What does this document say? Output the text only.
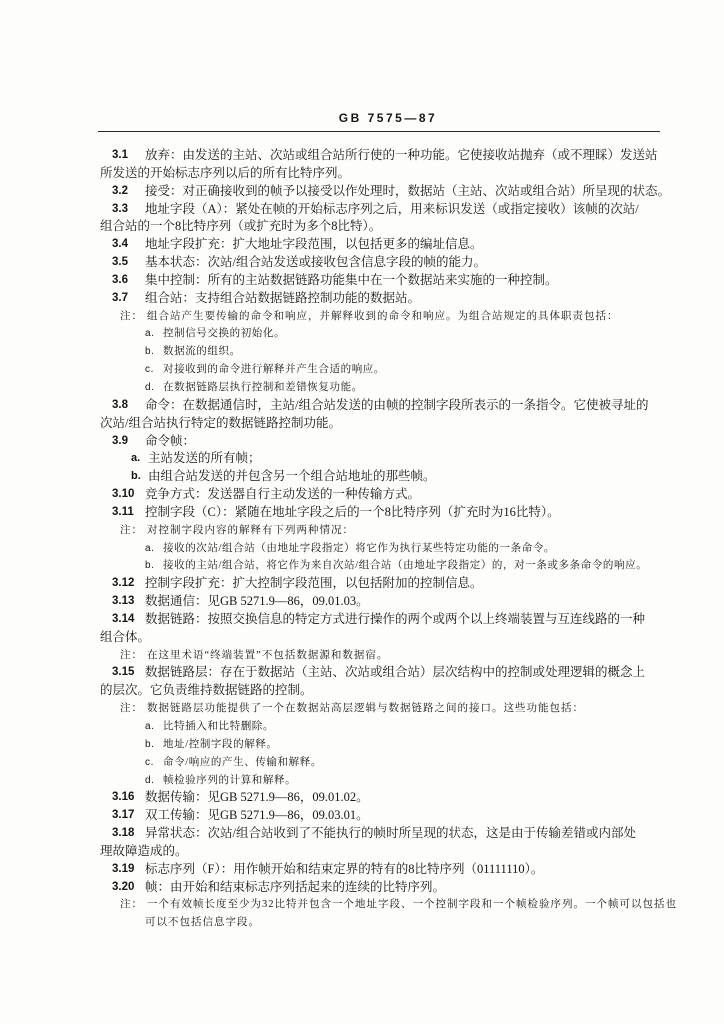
GB 7575—87
3.1 放弃：由发送的主站、次站或组合站所行使的一种功能。它使接收站抛弃（或不理睬）发送站
所发送的开始标志序列以后的所有比特序列。
3.2 接受：对正确接收到的帧予以接受以作处理时，数据站（主站、次站或组合站）所呈现的状态。
3.3 地址字段（A）：紧处在帧的开始标志序列之后，用来标识发送（或指定接收）该帧的次站/
组合站的一个8比特序列（或扩充时为多个8比特）。
3.4 地址字段扩充：扩大地址字段范围，以包括更多的编址信息。
3.5 基本状态：次站/组合站发送或接收包含信息字段的帧的能力。
3.6 集中控制：所有的主站数据链路功能集中在一个数据站来实施的一种控制。
3.7 组合站：支持组合站数据链路控制功能的数据站。
注： 组合站产生要传输的命令和响应，并解释收到的命令和响应。为组合站规定的具体职责包括：
a. 控制信号交换的初始化。
b. 数据流的组织。
c. 对接收到的命令进行解释并产生合适的响应。
d. 在数据链路层执行控制和差错恢复功能。
3.8 命令：在数据通信时，主站/组合站发送的由帧的控制字段所表示的一条指令。它使被寻址的
次站/组合站执行特定的数据链路控制功能。
3.9 命令帧：
a. 主站发送的所有帧；
b. 由组合站发送的并包含另一个组合站地址的那些帧。
3.10 竞争方式：发送器自行主动发送的一种传输方式。
3.11 控制字段（C）：紧随在地址字段之后的一个8比特序列（扩充时为16比特）。
注： 对控制字段内容的解释有下列两种情况：
a. 接收的次站/组合站（由地址字段指定）将它作为执行某些特定功能的一条命令。
b. 接收的主站/组合站，将它作为来自次站/组合站（由地址字段指定）的，对一条或多条命令的响应。
3.12 控制字段扩充：扩大控制字段范围，以包括附加的控制信息。
3.13 数据通信：见GB 5271.9—86，09.01.03。
3.14 数据链路：按照交换信息的特定方式进行操作的两个或两个以上终端装置与互连线路的一种
组合体。
注： 在这里术语“终端装置”不包括数据源和数据宿。
3.15 数据链路层：存在于数据站（主站、次站或组合站）层次结构中的控制或处理逻辑的概念上
的层次。它负责维持数据链路的控制。
注： 数据链路层功能提供了一个在数据站高层逻辑与数据链路之间的接口。这些功能包括：
a. 比特插入和比特删除。
b. 地址/控制字段的解释。
c. 命令/响应的产生、传输和解释。
d. 帧检验序列的计算和解释。
3.16 数据传输：见GB 5271.9—86，09.01.02。
3.17 双工传输：见GB 5271.9—86，09.03.01。
3.18 异常状态：次站/组合站收到了不能执行的帧时所呈现的状态，这是由于传输差错或内部处
理故障造成的。
3.19 标志序列（F）：用作帧开始和结束定界的特有的8比特序列（01111110）。
3.20 帧：由开始和结束标志序列括起来的连续的比特序列。
注： 一个有效帧长度至少为32比特并包含一个地址字段、一个控制字段和一个帧检验序列。一个帧可以包括也
可以不包括信息字段。
